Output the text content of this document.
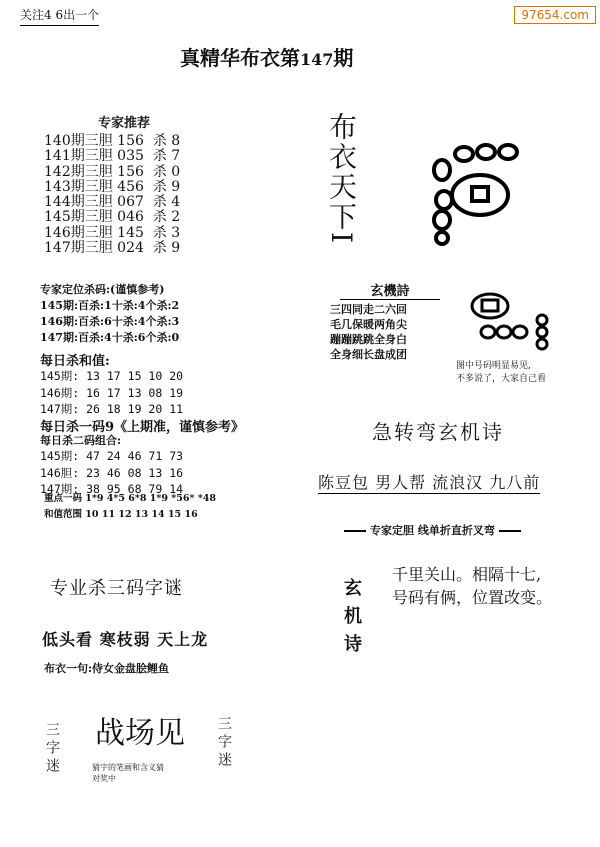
关注4 6出一个	97654.com
真精华布衣第147期
专家推荐
140期三胆 156  杀 8
141期三胆 035  杀 7
142期三胆 156  杀 0
143期三胆 456  杀 9
144期三胆 067  杀 4
145期三胆 046  杀 2
146期三胆 145  杀 3
147期三胆 024  杀 9
专家定位杀码:(谨慎参考)
145期:百杀:1十杀:4个杀:2
146期:百杀:6十杀:4个杀:3
147期:百杀:4十杀:6个杀:0
每日杀和值:
145期: 13 17 15 10 20
146期: 16 17 13 08 19
147期: 26 18 19 20 11
每日杀一码9《上期准，谨慎参考》
每日杀二码组合:
145期: 47 24 46 71 73
146胆: 23 46 08 13 16
147期: 38 95 68 79 14
重点一码 1*9 4*5 6*8 1*9 *56* *48
和值范围 10 11 12 13 14 15 16
布衣天下I
玄機詩
三四同走二六回
毛几保暖两角尖
蹦蹦跳跳全身白
全身细长盘成团
图中号码明显易见,
不多说了，大家自己看
急转弯玄机诗
陈豆包 男人帮 流浪汉 九八前
专家定胆 线单折直折叉弯
玄机诗
千里关山。相隔十七,
号码有俩，位置改变。
专业杀三码字谜
低头看 寒枝弱 天上龙
布衣一句:侍女金盘脍鲤鱼
三字迷 战场见 三字迷
猜字的笔画和含义猜
对奖中
